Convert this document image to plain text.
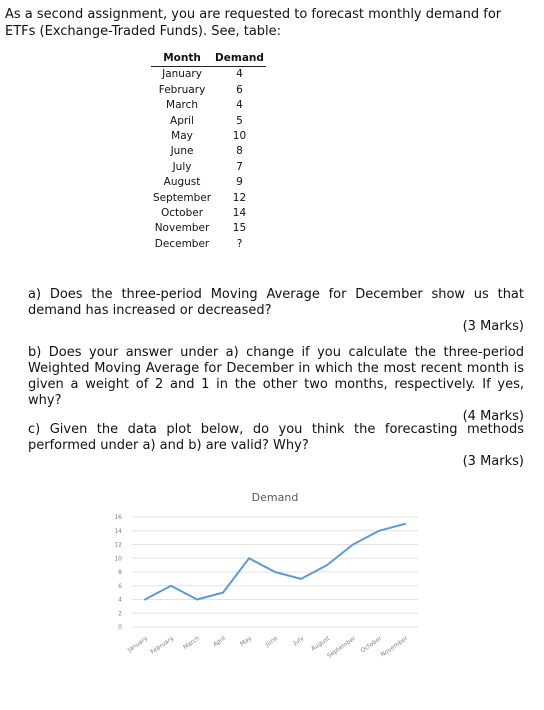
As a second assignment, you are requested to forecast monthly demand for ETFs (Exchange-Traded Funds). See, table:
Month	Demand
January	4
February	6
March	4
April	5
May	10
June	8
July	7
August	9
September	12
October	14
November	15
December	?
a) Does the three-period Moving Average for December show us that demand has increased or decreased?
(3 Marks)
b) Does your answer under a) change if you calculate the three-period Weighted Moving Average for December in which the most recent month is given a weight of 2 and 1 in the other two months, respectively. If yes, why?
(4 Marks)
c) Given the data plot below, do you think the forecasting methods performed under a) and b) are valid? Why?
(3 Marks)
Demand
0
2
4
6
8
10
12
14
16
January February March April May June July August
September October
November
